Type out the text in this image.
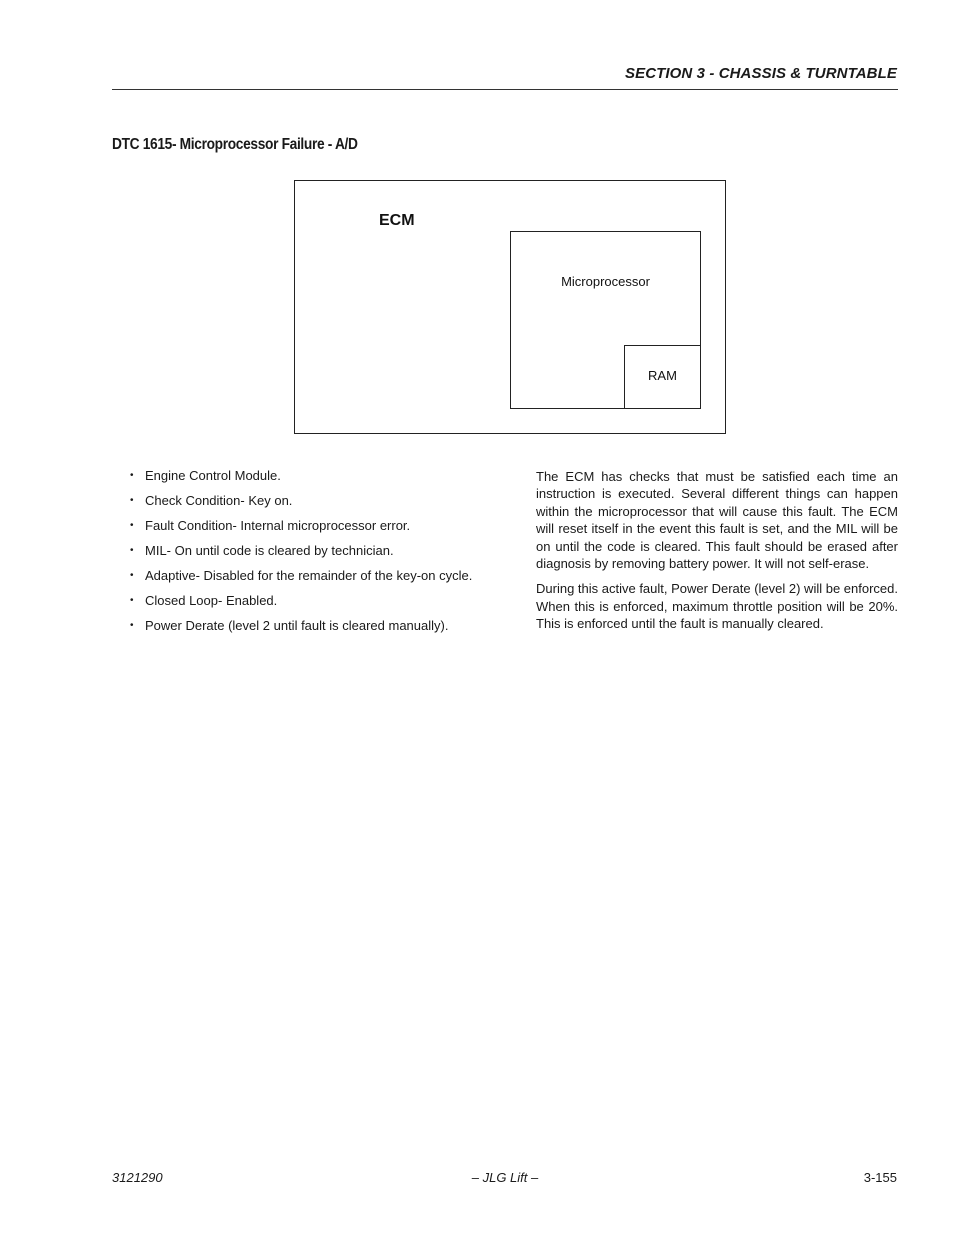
SECTION 3 - CHASSIS & TURNTABLE
DTC 1615- Microprocessor Failure - A/D
ECM
Microprocessor
RAM
• Engine Control Module.
• Check Condition- Key on.
• Fault Condition- Internal microprocessor error.
• MIL- On until code is cleared by technician.
• Adaptive- Disabled for the remainder of the key-on cycle.
• Closed Loop- Enabled.
• Power Derate (level 2 until fault is cleared manually).

The ECM has checks that must be satisfied each time an instruction is executed. Several different things can happen within the microprocessor that will cause this fault. The ECM will reset itself in the event this fault is set, and the MIL will be on until the code is cleared. This fault should be erased after diagnosis by removing battery power. It will not self-erase.

During this active fault, Power Derate (level 2) will be enforced. When this is enforced, maximum throttle position will be 20%. This is enforced until the fault is manually cleared.

3121290	– JLG Lift –	3-155
